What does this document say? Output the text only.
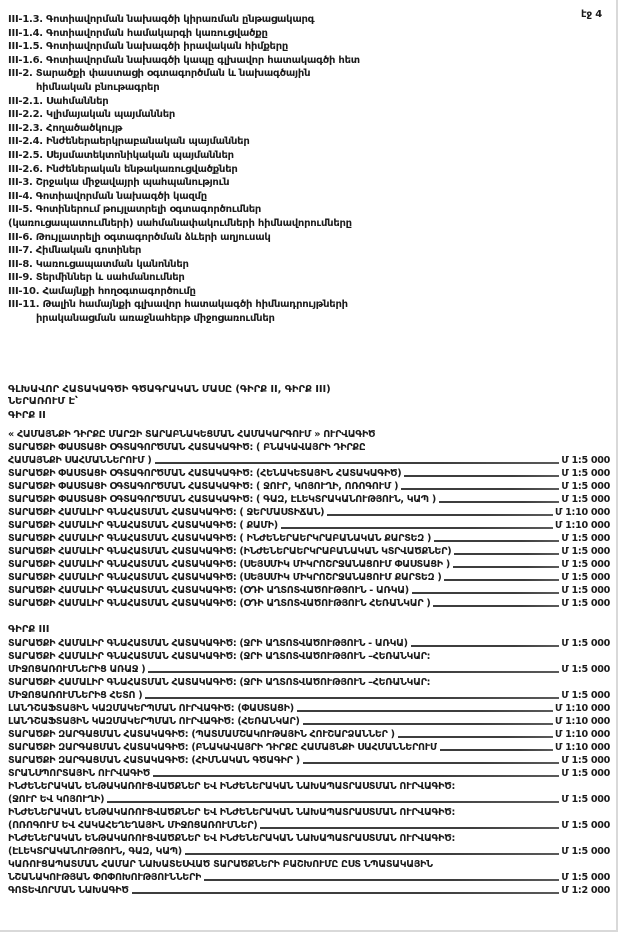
էջ 4
III-1.3. Գոտիավորման նախագծի կիրառման ընթացակարգ
III-1.4. Գոտիավորման համակարգի կառուցվածքը
III-1.5. Գոտիավորման նախագծի իրավական հիմքերը
III-1.6. Գոտիավորման նախագծի կապը գլխավոր հատակագծի հետ
III-2. Տարածքի փաստացի օգտագործման և նախագծային
հիմնական բնութագրեր
III-2.1. Սահմաններ
III-2.2. Կլիմայական պայմաններ
III-2.3. Հողածածկույթ
III-2.4. Ինժեներաերկրաբանական պայմաններ
III-2.5. Սեյսմատեկտոնիկական պայմաններ
III-2.6. Ինժեներական ենթակառուցվածքներ
III-3. Շրջակա միջավայրի պահպանություն
III-4. Գոտիավորման նախագծի կազմը
III-5. Գոտիներում թույլատրելի օգտագործումներ
(կառուցապատումների) սահմանափակումների հիմնավորումները
III-6. Թույլատրելի օգտագործման ձևերի աղյուսակ
III-7. Հիմնական գոտիներ
III-8. Կառուցապատման կանոններ
III-9. Տերմիններ և սահմանումներ
III-10. Համայնքի հողօգտագործումը
III-11. Թալին համայնքի գլխավոր հատակագծի հիմնադրույթների
իրականացման առաջնահերթ միջոցառումներ
ԳԼԽԱՎՈՐ ՀԱՏԱԿԱԳԾԻ ԳԾԱԳՐԱԿԱՆ ՄԱՍԸ (ԳԻՐՔ II, ԳԻՐՔ III)
ՆԵՐԱՌՈՒՄ Է՝
ԳԻՐՔ II
« ՀԱՄԱՅՆՔԻ ԴԻՐՔԸ ՄԱՐԶԻ ՏԱՐԱԲՆԱԿԵՑՄԱՆ ՀԱՄԱԿԱՐԳՈՒՄ » ՈՒՐՎԱԳԻԾ
ՏԱՐԱԾՔԻ ՓԱՍՏԱՑԻ ՕԳՏԱԳՈՐԾՄԱՆ ՀԱՏԱԿԱԳԻԾ: ( ԲՆԱԿԱՎԱՅՐԻ ԴԻՐՔԸ
ՀԱՄԱՅՆՔԻ ՍԱՀՄԱՆՆԵՐՈՒՄ )	Մ 1:5 000
ՏԱՐԱԾՔԻ ՓԱՍՏԱՑԻ ՕԳՏԱԳՈՐԾՄԱՆ ՀԱՏԱԿԱԳԻԾ: (ՀԵՆԱԿԵՏԱՅԻՆ ՀԱՏԱԿԱԳԻԾ)	Մ 1:5 000
ՏԱՐԱԾՔԻ ՓԱՍՏԱՑԻ ՕԳՏԱԳՈՐԾՄԱՆ ՀԱՏԱԿԱԳԻԾ: ( ՋՈՒՐ, ԿՈՅՈՒՂԻ, ՈՌՈԳՈՒՄ )	Մ 1:5 000
ՏԱՐԱԾՔԻ ՓԱՍՏԱՑԻ ՕԳՏԱԳՈՐԾՄԱՆ ՀԱՏԱԿԱԳԻԾ: ( ԳԱԶ, ԷԼԵԿՏՐԱԿԱՆՈՒԹՅՈՒՆ, ԿԱՊ )	Մ 1:5 000
ՏԱՐԱԾՔԻ ՀԱՄԱԼԻՐ ԳՆԱՀԱՏՄԱՆ ՀԱՏԱԿԱԳԻԾ: ( ՋԵՐՄԱՍՏԻՃԱՆ)	Մ 1:10 000
ՏԱՐԱԾՔԻ ՀԱՄԱԼԻՐ ԳՆԱՀԱՏՄԱՆ ՀԱՏԱԿԱԳԻԾ: ( ՔԱՄԻ)	Մ 1:10 000
ՏԱՐԱԾՔԻ ՀԱՄԱԼԻՐ ԳՆԱՀԱՏՄԱՆ ՀԱՏԱԿԱԳԻԾ: ( ԻՆԺԵՆԵՐԱԵՐԿՐԱԲԱՆԱԿԱՆ ՔԱՐՏԵԶ )	Մ 1:5 000
ՏԱՐԱԾՔԻ ՀԱՄԱԼԻՐ ԳՆԱՀԱՏՄԱՆ ՀԱՏԱԿԱԳԻԾ: (ԻՆԺԵՆԵՐԱԵՐԿՐԱԲԱՆԱԿԱՆ ԿՏՐՎԱԾՔՆԵՐ)	Մ 1:5 000
ՏԱՐԱԾՔԻ ՀԱՄԱԼԻՐ ԳՆԱՀԱՏՄԱՆ ՀԱՏԱԿԱԳԻԾ: (ՍԵՅՍՄԻԿ ՄԻԿՐՈՇՐՋԱՆԱՑՈՒՄ ՓԱՍՏԱՑԻ )	Մ 1:5 000
ՏԱՐԱԾՔԻ ՀԱՄԱԼԻՐ ԳՆԱՀԱՏՄԱՆ ՀԱՏԱԿԱԳԻԾ: (ՍԵՅՍՄԻԿ ՄԻԿՐՈՇՐՋԱՆԱՑՈՒՄ ՔԱՐՏԵԶ )	Մ 1:5 000
ՏԱՐԱԾՔԻ ՀԱՄԱԼԻՐ ԳՆԱՀԱՏՄԱՆ ՀԱՏԱԿԱԳԻԾ: (ՕԴԻ ԱՂՏՈՏՎԱԾՈՒԹՅՈՒՆ - ԱՌԿԱ)	Մ 1:5 000
ՏԱՐԱԾՔԻ ՀԱՄԱԼԻՐ ԳՆԱՀԱՏՄԱՆ ՀԱՏԱԿԱԳԻԾ: (ՕԴԻ ԱՂՏՈՏՎԱԾՈՒԹՅՈՒՆ ՀԵՌԱՆԿԱՐ )	Մ 1:5 000
ԳԻՐՔ III
ՏԱՐԱԾՔԻ ՀԱՄԱԼԻՐ ԳՆԱՀԱՏՄԱՆ ՀԱՏԱԿԱԳԻԾ: (ՋՐԻ ԱՂՏՈՏՎԱԾՈՒԹՅՈՒՆ - ԱՌԿԱ)	Մ 1:5 000
ՏԱՐԱԾՔԻ ՀԱՄԱԼԻՐ ԳՆԱՀԱՏՄԱՆ ՀԱՏԱԿԱԳԻԾ: (ՋՐԻ ԱՂՏՈՏՎԱԾՈՒԹՅՈՒՆ –ՀԵՌԱՆԿԱՐ:
ՄԻՋՈՑԱՌՈՒՄՆԵՐԻՑ ԱՌԱՋ )	Մ 1:5 000
ՏԱՐԱԾՔԻ ՀԱՄԱԼԻՐ ԳՆԱՀԱՏՄԱՆ ՀԱՏԱԿԱԳԻԾ: (ՋՐԻ ԱՂՏՈՏՎԱԾՈՒԹՅՈՒՆ –ՀԵՌԱՆԿԱՐ:
ՄԻՋՈՑԱՌՈՒՄՆԵՐԻՑ ՀԵՏՈ )	Մ 1:5 000
ԼԱՆԴՇԱՖՏԱՅԻՆ ԿԱԶՄԱԿԵՐՊՄԱՆ ՈՒՐՎԱԳԻԾ: (ՓԱՍՏԱՑԻ)	Մ 1:10 000
ԼԱՆԴՇԱՖՏԱՅԻՆ ԿԱԶՄԱԿԵՐՊՄԱՆ ՈՒՐՎԱԳԻԾ: (ՀԵՌԱՆԿԱՐ)	Մ 1:10 000
ՏԱՐԱԾՔԻ ԶԱՐԳԱՑՄԱՆ ՀԱՏԱԿԱԳԻԾ: (ՊԱՏՄԱՄՇԱԿՈՒԹԱՅԻՆ ՀՈՒՇԱՐՁԱՆՆԵՐ )	Մ 1:10 000
ՏԱՐԱԾՔԻ ԶԱՐԳԱՑՄԱՆ ՀԱՏԱԿԱԳԻԾ: (ԲՆԱԿԱՎԱՅՐԻ ԴԻՐՔԸ ՀԱՄԱՅՆՔԻ ՍԱՀՄԱՆՆԵՐՈՒՄ	Մ 1:10 000
ՏԱՐԱԾՔԻ ԶԱՐԳԱՑՄԱՆ ՀԱՏԱԿԱԳԻԾ: (ՀԻՄՆԱԿԱՆ ԳԾԱԳԻՐ )	Մ 1:5 000
ՏՐԱՆՍՊՈՐՏԱՅԻՆ ՈՒՐՎԱԳԻԾ	Մ 1:5 000
ԻՆԺԵՆԵՐԱԿԱՆ ԵՆԹԱԿԱՌՈՒՑՎԱԾՔՆԵՐ ԵՎ ԻՆԺԵՆԵՐԱԿԱՆ ՆԱԽԱՊԱՏՐԱՍՏՄԱՆ ՈՒՐՎԱԳԻԾ:
(ՋՈՒՐ ԵՎ ԿՈՅՈՒՂԻ)	Մ 1:5 000
ԻՆԺԵՆԵՐԱԿԱՆ ԵՆԹԱԿԱՌՈՒՑՎԱԾՔՆԵՐ ԵՎ ԻՆԺԵՆԵՐԱԿԱՆ ՆԱԽԱՊԱՏՐԱՍՏՄԱՆ ՈՒՐՎԱԳԻԾ:
(ՈՌՈԳՈՒՄ ԵՎ ՀԱԿԱՀԵՂԵՂԱՅԻՆ ՄԻՋՈՑԱՌՈՒՄՆԵՐ)	Մ 1:5 000
ԻՆԺԵՆԵՐԱԿԱՆ ԵՆԹԱԿԱՌՈՒՑՎԱԾՔՆԵՐ ԵՎ ԻՆԺԵՆԵՐԱԿԱՆ ՆԱԽԱՊԱՏՐԱՍՏՄԱՆ ՈՒՐՎԱԳԻԾ:
(ԷԼԵԿՏՐԱԿԱՆՈՒԹՅՈՒՆ, ԳԱԶ, ԿԱՊ)	Մ 1:5 000
ԿԱՌՈՒՑԱՊԱՏՄԱՆ ՀԱՄԱՐ ՆԱԽԱՏԵՍՎԱԾ ՏԱՐԱԾՔՆԵՐԻ ԲԱՇԽՈՒՄԸ ԸՍՏ ՆՊԱՏԱԿԱՅԻՆ
ՆՇԱՆԱԿՈՒԹՅԱՆ ՓՈՓՈԽՈՒԹՅՈՒՆՆԵՐԻ	Մ 1:5 000
ԳՈՏԵՎՈՐՄԱՆ ՆԱԽԱԳԻԾ	Մ 1:2 000
